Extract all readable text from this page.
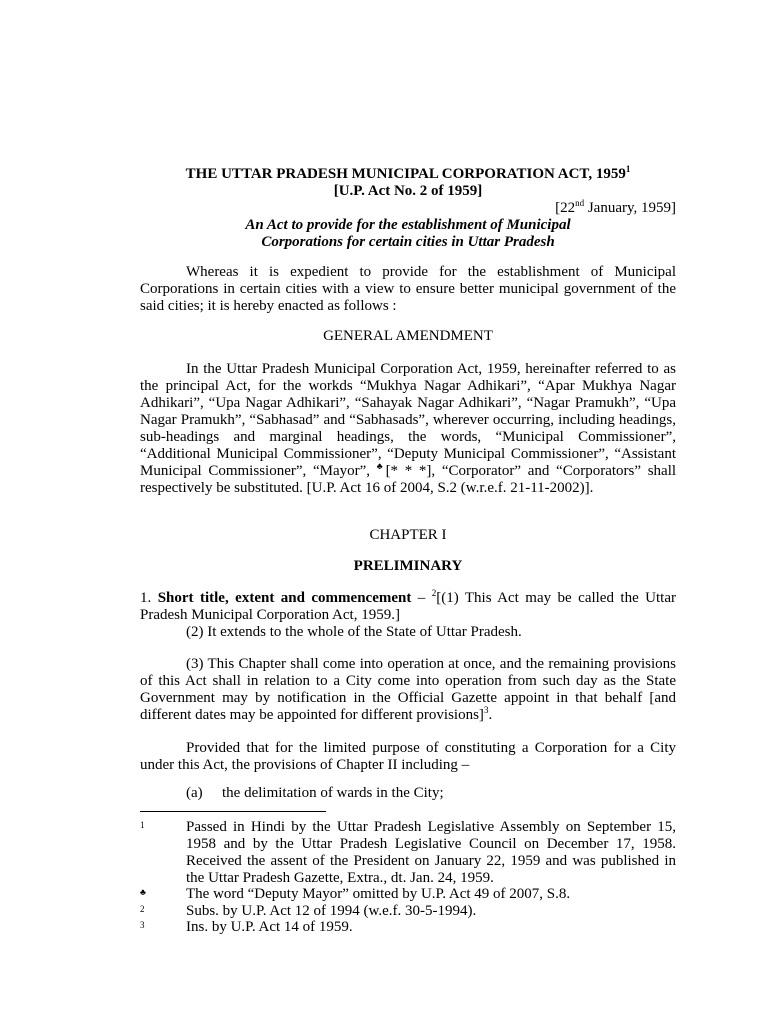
THE UTTAR PRADESH MUNICIPAL CORPORATION ACT, 1959$^1$
[U.P. Act No. 2 of 1959]
[22nd January, 1959]
An Act to provide for the establishment of Municipal
Corporations for certain cities in Uttar Pradesh

Whereas it is expedient to provide for the establishment of Municipal Corporations in certain cities with a view to ensure better municipal government of the said cities; it is hereby enacted as follows :

GENERAL AMENDMENT

In the Uttar Pradesh Municipal Corporation Act, 1959, hereinafter referred to as the principal Act, for the workds “Mukhya Nagar Adhikari”, “Apar Mukhya Nagar Adhikari”, “Upa Nagar Adhikari”, “Sahayak Nagar Adhikari”, “Nagar Pramukh”, “Upa Nagar Pramukh”, “Sabhasad” and “Sabhasads”, wherever occurring, including headings, sub-headings and marginal headings, the words, “Municipal Commissioner”, “Additional Municipal Commissioner”, “Deputy Municipal Commissioner”, “Assistant Municipal Commissioner”, “Mayor”, ♣[* * *], “Corporator” and “Corporators” shall respectively be substituted. [U.P. Act 16 of 2004, S.2 (w.r.e.f. 21-11-2002)].

CHAPTER I
PRELIMINARY

1. Short title, extent and commencement – $^2$[(1) This Act may be called the Uttar Pradesh Municipal Corporation Act, 1959.]

(2) It extends to the whole of the State of Uttar Pradesh.

(3) This Chapter shall come into operation at once, and the remaining provisions of this Act shall in relation to a City come into operation from such day as the State Government may by notification in the Official Gazette appoint in that behalf [and different dates may be appointed for different provisions]$^3$.

Provided that for the limited purpose of constituting a Corporation for a City under this Act, the provisions of Chapter II including –

(a) the delimitation of wards in the City;
1	Passed in Hindi by the Uttar Pradesh Legislative Assembly on September 15, 1958 and by the Uttar Pradesh Legislative Council on December 17, 1958. Received the assent of the President on January 22, 1959 and was published in the Uttar Pradesh Gazette, Extra., dt. Jan. 24, 1959.
♣	The word “Deputy Mayor” omitted by U.P. Act 49 of 2007, S.8.
2	Subs. by U.P. Act 12 of 1994 (w.e.f. 30-5-1994).
3	Ins. by U.P. Act 14 of 1959.
